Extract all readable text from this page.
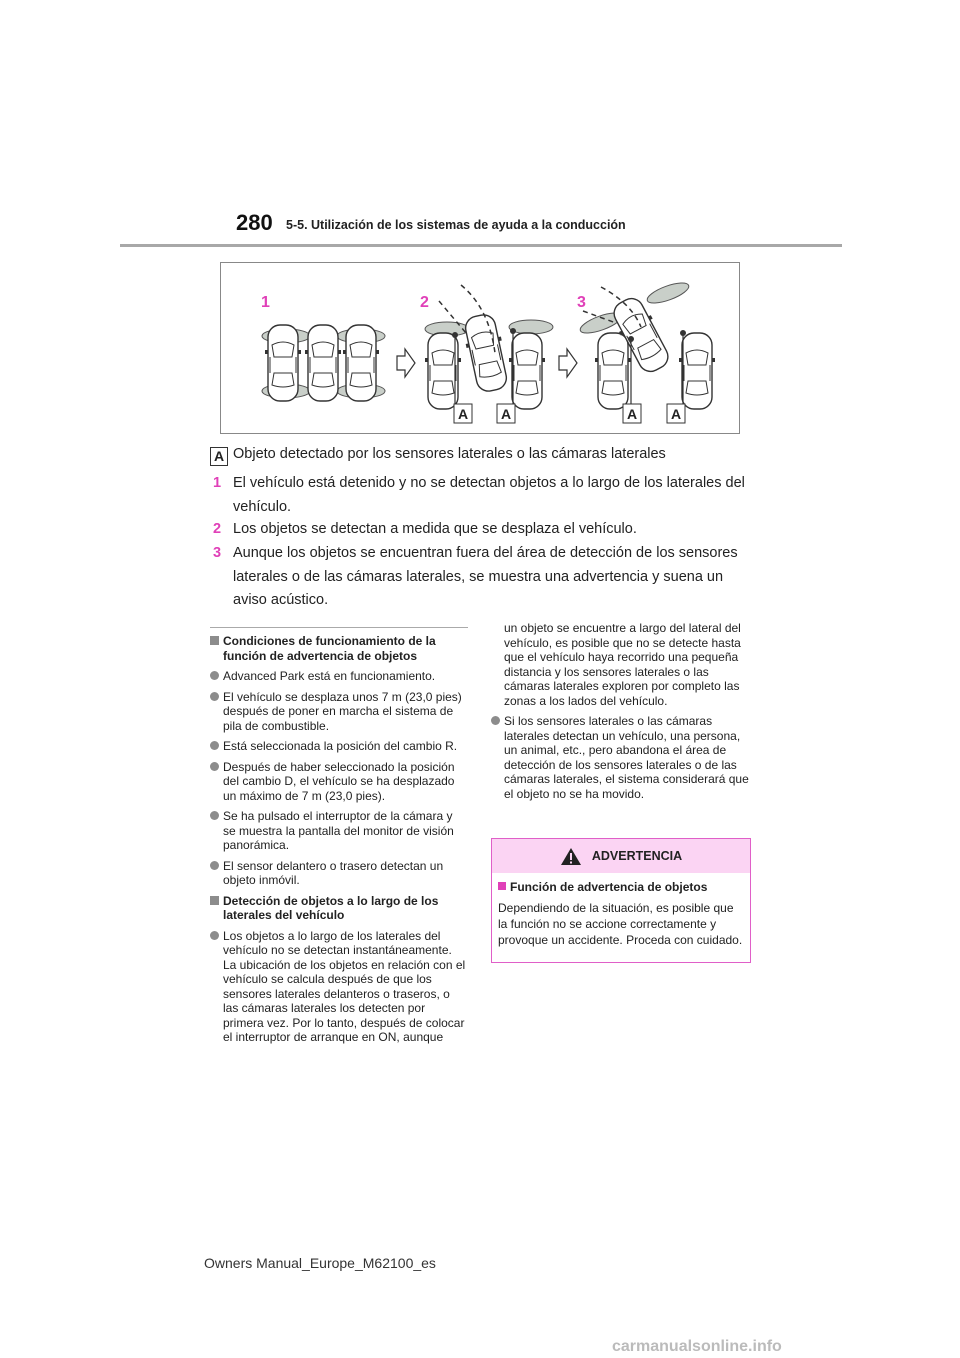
280 5-5. Utilización de los sistemas de ayuda a la conducción
1	2	3
A A	A A
A Objeto detectado por los sensores laterales o las cámaras laterales
1 El vehículo está detenido y no se detectan objetos a lo largo de los laterales del vehículo.
2 Los objetos se detectan a medida que se desplaza el vehículo.
3 Aunque los objetos se encuentran fuera del área de detección de los sensores laterales o de las cámaras laterales, se muestra una advertencia y suena un aviso acústico.
Condiciones de funcionamiento de la función de advertencia de objetos
Advanced Park está en funcionamiento.
El vehículo se desplaza unos 7 m (23,0 pies) después de poner en marcha el sistema de pila de combustible.
Está seleccionada la posición del cambio R.
Después de haber seleccionado la posición del cambio D, el vehículo se ha desplazado un máximo de 7 m (23,0 pies).
Se ha pulsado el interruptor de la cámara y se muestra la pantalla del monitor de visión panorámica.
El sensor delantero o trasero detectan un objeto inmóvil.
Detección de objetos a lo largo de los laterales del vehículo
Los objetos a lo largo de los laterales del vehículo no se detectan instantáneamente. La ubicación de los objetos en relación con el vehículo se calcula después de que los sensores laterales delanteros o traseros, o las cámaras laterales los detecten por primera vez. Por lo tanto, después de colocar el interruptor de arranque en ON, aunque
un objeto se encuentre a largo del lateral del vehículo, es posible que no se detecte hasta que el vehículo haya recorrido una pequeña distancia y los sensores laterales o las cámaras laterales exploren por completo las zonas a los lados del vehículo.
Si los sensores laterales o las cámaras laterales detectan un vehículo, una persona, un animal, etc., pero abandona el área de detección de los sensores laterales o de las cámaras laterales, el sistema considerará que el objeto no se ha movido.
ADVERTENCIA
Función de advertencia de objetos
Dependiendo de la situación, es posible que la función no se accione correctamente y provoque un accidente. Proceda con cuidado.
Owners Manual_Europe_M62100_es
carmanualsonline.info
